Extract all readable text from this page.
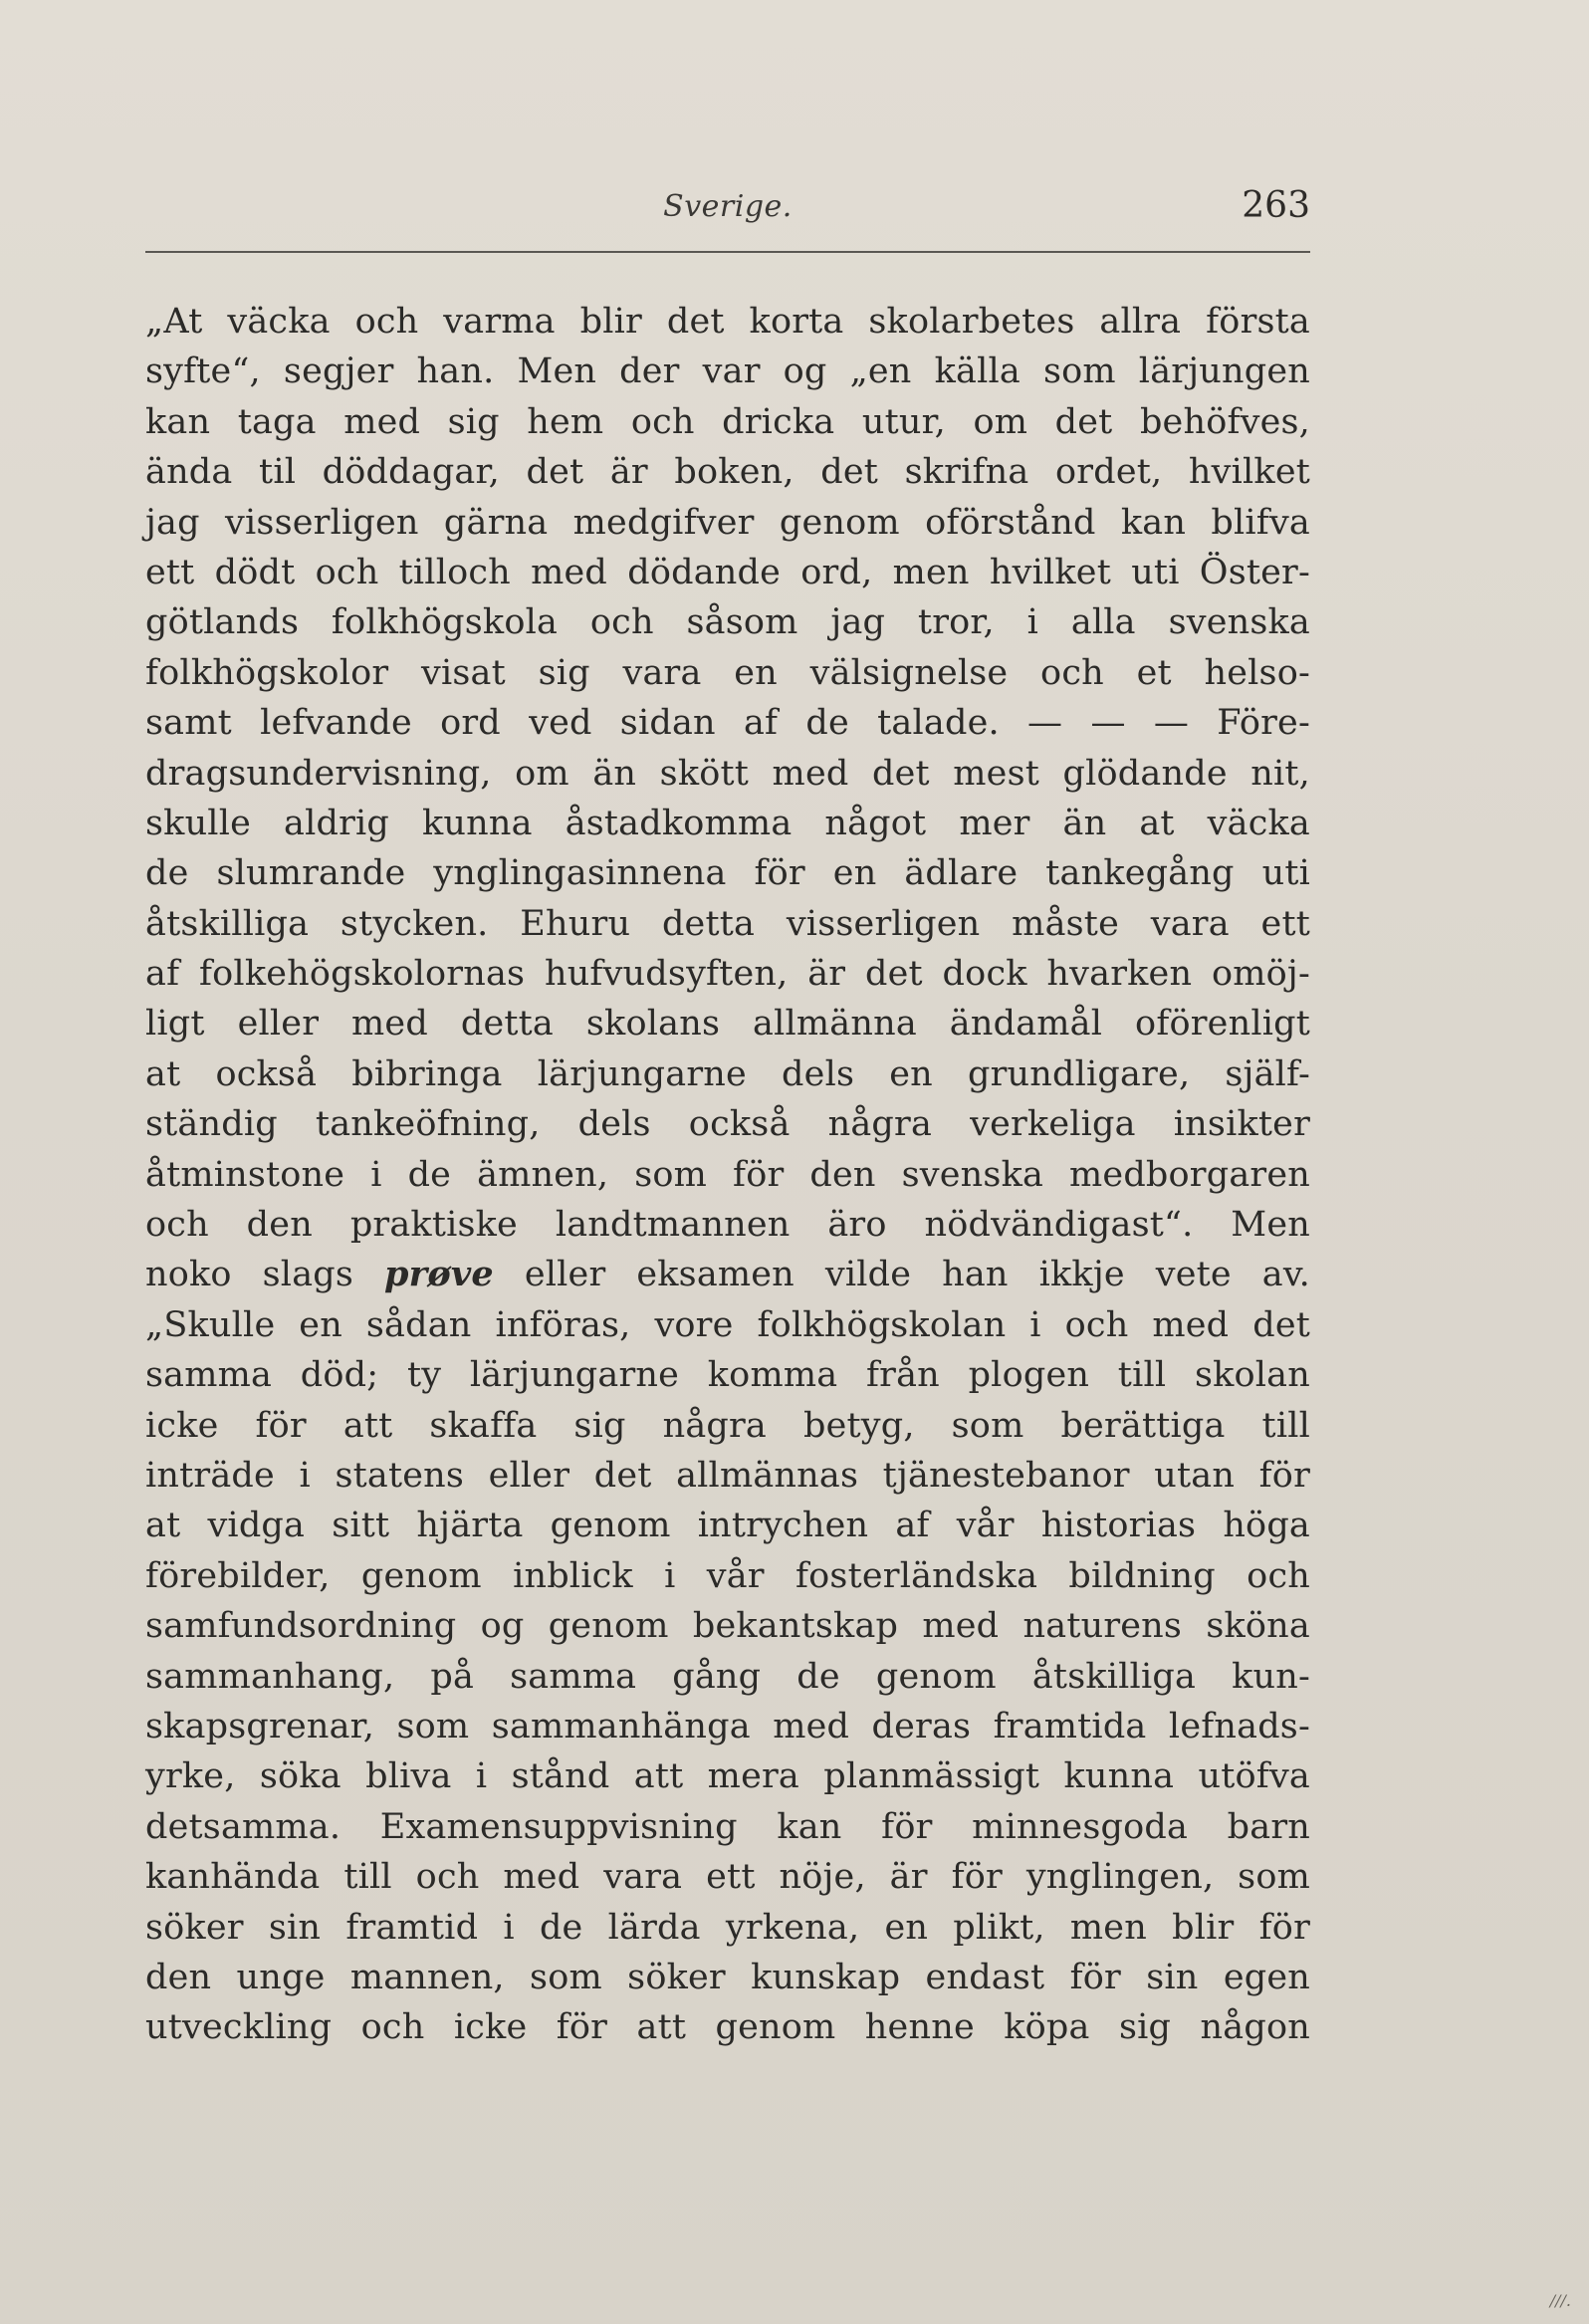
Sverige.	263
„At väcka och varma blir det korta skolarbetes allra första
syfte“, segjer han. Men der var og „en källa som lärjungen
kan taga med sig hem och dricka utur, om det behöfves,
ända til döddagar, det är boken, det skrifna ordet, hvilket
jag visserligen gärna medgifver genom oförstånd kan blifva
ett dödt och tilloch med dödande ord, men hvilket uti Öster-
götlands folkhögskola och såsom jag tror, i alla svenska
folkhögskolor visat sig vara en välsignelse och et helso-
samt lefvande ord ved sidan af de talade. — — — Före-
dragsundervisning, om än skött med det mest glödande nit,
skulle aldrig kunna åstadkomma något mer än at väcka
de slumrande ynglingasinnena för en ädlare tankegång uti
åtskilliga stycken. Ehuru detta visserligen måste vara ett
af folkehögskolornas hufvudsyften, är det dock hvarken omöj-
ligt eller med detta skolans allmänna ändamål oförenligt
at också bibringa lärjungarne dels en grundligare, själf-
ständig tankeöfning, dels också några verkeliga insikter
åtminstone i de ämnen, som för den svenska medborgaren
och den praktiske landtmannen äro nödvändigast“. Men
noko slags prøve eller eksamen vilde han ikkje vete av.
„Skulle en sådan införas, vore folkhögskolan i och med det
samma död; ty lärjungarne komma från plogen till skolan
icke för att skaffa sig några betyg, som berättiga till
inträde i statens eller det allmännas tjänestebanor utan för
at vidga sitt hjärta genom intrychen af vår historias höga
förebilder, genom inblick i vår fosterländska bildning och
samfundsordning og genom bekantskap med naturens sköna
sammanhang, på samma gång de genom åtskilliga kun-
skapsgrenar, som sammanhänga med deras framtida lefnads-
yrke, söka bliva i stånd att mera planmässigt kunna utöfva
detsamma. Examensuppvisning kan för minnesgoda barn
kanhända till och med vara ett nöje, är för ynglingen, som
söker sin framtid i de lärda yrkena, en plikt, men blir för
den unge mannen, som söker kunskap endast för sin egen
utveckling och icke för att genom henne köpa sig någon
///.
